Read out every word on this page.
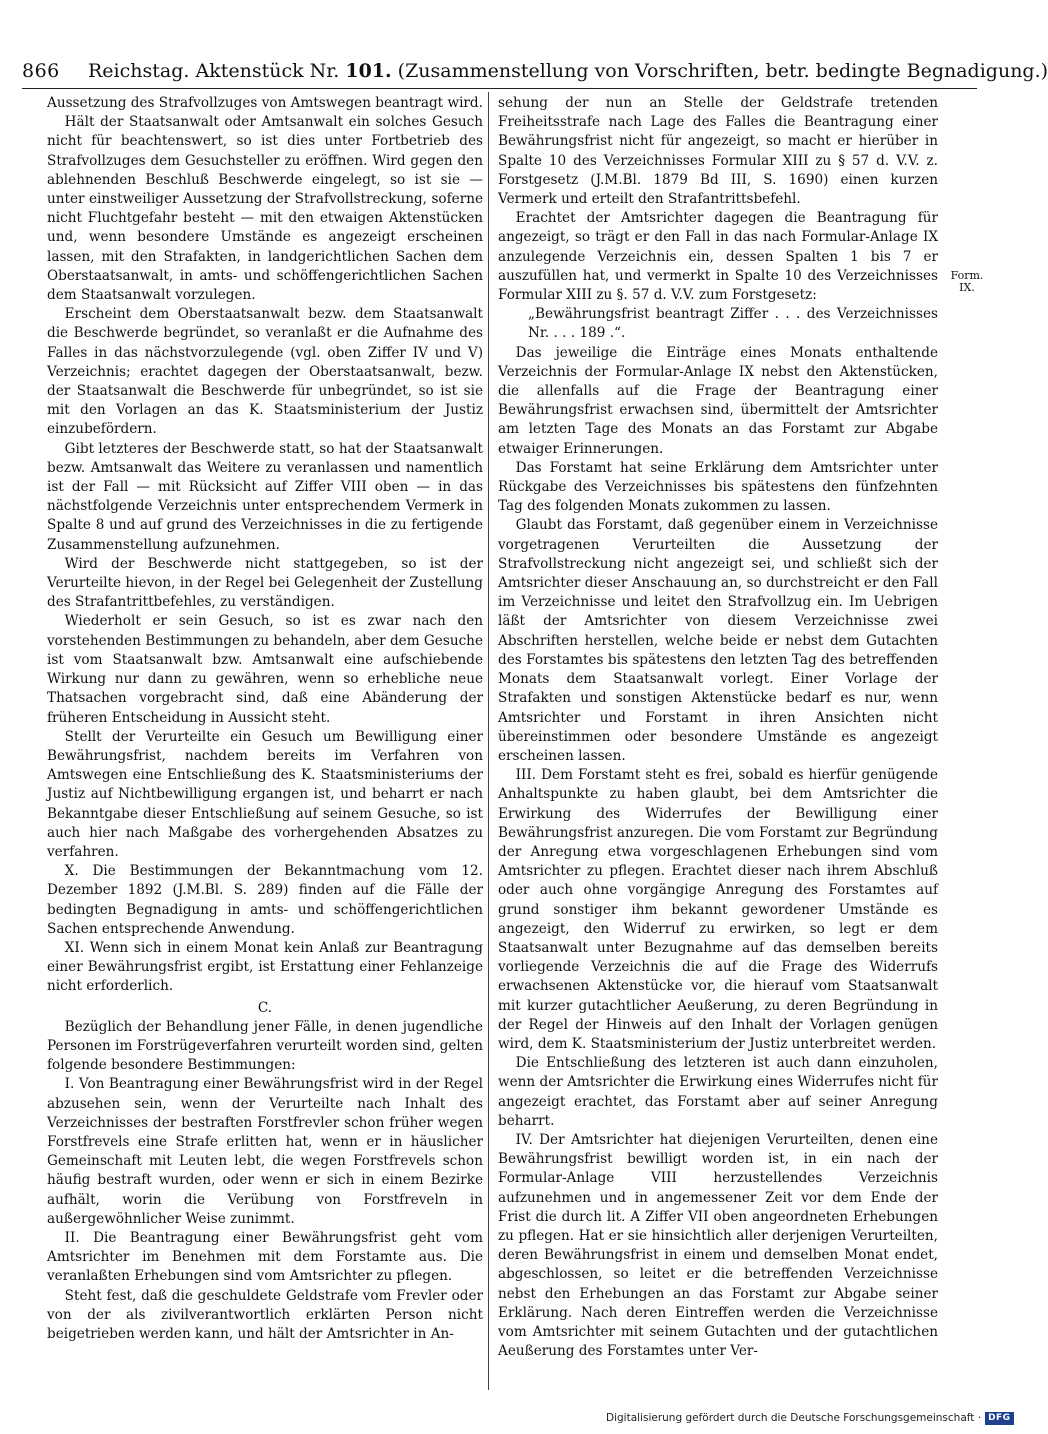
866 Reichstag. Aktenstück Nr. 101. (Zusammenstellung von Vorschriften, betr. bedingte Begnadigung.)

Aussetzung des Strafvollzuges von Amtswegen beantragt wird.

Hält der Staatsanwalt oder Amtsanwalt ein solches Gesuch nicht für beachtenswert, so ist dies unter Fortbetrieb des Strafvollzuges dem Gesuchsteller zu eröffnen. Wird gegen den ablehnenden Beschluß Beschwerde eingelegt, so ist sie — unter einstweiliger Aussetzung der Strafvollstreckung, soferne nicht Fluchtgefahr besteht — mit den etwaigen Aktenstücken und, wenn besondere Umstände es angezeigt erscheinen lassen, mit den Strafakten, in landgerichtlichen Sachen dem Oberstaatsanwalt, in amts- und schöffengerichtlichen Sachen dem Staatsanwalt vorzulegen.

Erscheint dem Oberstaatsanwalt bezw. dem Staatsanwalt die Beschwerde begründet, so veranlaßt er die Aufnahme des Falles in das nächstvorzulegende (vgl. oben Ziffer IV und V) Verzeichnis; erachtet dagegen der Oberstaatsanwalt, bezw. der Staatsanwalt die Beschwerde für unbegründet, so ist sie mit den Vorlagen an das K. Staatsministerium der Justiz einzubefördern.

Gibt letzteres der Beschwerde statt, so hat der Staatsanwalt bezw. Amtsanwalt das Weitere zu veranlassen und namentlich ist der Fall — mit Rücksicht auf Ziffer VIII oben — in das nächstfolgende Verzeichnis unter entsprechendem Vermerk in Spalte 8 und auf grund des Verzeichnisses in die zu fertigende Zusammenstellung aufzunehmen.

Wird der Beschwerde nicht stattgegeben, so ist der Verurteilte hievon, in der Regel bei Gelegenheit der Zustellung des Strafantrittbefehles, zu verständigen.

Wiederholt er sein Gesuch, so ist es zwar nach den vorstehenden Bestimmungen zu behandeln, aber dem Gesuche ist vom Staatsanwalt bzw. Amtsanwalt eine aufschiebende Wirkung nur dann zu gewähren, wenn so erhebliche neue Thatsachen vorgebracht sind, daß eine Abänderung der früheren Entscheidung in Aussicht steht.

Stellt der Verurteilte ein Gesuch um Bewilligung einer Bewährungsfrist, nachdem bereits im Verfahren von Amtswegen eine Entschließung des K. Staatsministeriums der Justiz auf Nichtbewilligung ergangen ist, und beharrt er nach Bekanntgabe dieser Entschließung auf seinem Gesuche, so ist auch hier nach Maßgabe des vorhergehenden Absatzes zu verfahren.

X. Die Bestimmungen der Bekanntmachung vom 12. Dezember 1892 (J.M.Bl. S. 289) finden auf die Fälle der bedingten Begnadigung in amts- und schöffengerichtlichen Sachen entsprechende Anwendung.

XI. Wenn sich in einem Monat kein Anlaß zur Beantragung einer Bewährungsfrist ergibt, ist Erstattung einer Fehlanzeige nicht erforderlich.

C.

Bezüglich der Behandlung jener Fälle, in denen jugendliche Personen im Forstrügeverfahren verurteilt worden sind, gelten folgende besondere Bestimmungen:

I. Von Beantragung einer Bewährungsfrist wird in der Regel abzusehen sein, wenn der Verurteilte nach Inhalt des Verzeichnisses der bestraften Forstfrevler schon früher wegen Forstfrevels eine Strafe erlitten hat, wenn er in häuslicher Gemeinschaft mit Leuten lebt, die wegen Forstfrevels schon häufig bestraft wurden, oder wenn er sich in einem Bezirke aufhält, worin die Verübung von Forstfreveln in außergewöhnlicher Weise zunimmt.

II. Die Beantragung einer Bewährungsfrist geht vom Amtsrichter im Benehmen mit dem Forstamte aus. Die veranlaßten Erhebungen sind vom Amtsrichter zu pflegen.

Steht fest, daß die geschuldete Geldstrafe vom Frevler oder von der als zivilverantwortlich erklärten Person nicht beigetrieben werden kann, und hält der Amtsrichter in An-

sehung der nun an Stelle der Geldstrafe tretenden Freiheitsstrafe nach Lage des Falles die Beantragung einer Bewährungsfrist nicht für angezeigt, so macht er hierüber in Spalte 10 des Verzeichnisses Formular XIII zu § 57 d. V.V. z. Forstgesetz (J.M.Bl. 1879 Bd III, S. 1690) einen kurzen Vermerk und erteilt den Strafantrittsbefehl.

Erachtet der Amtsrichter dagegen die Beantragung für angezeigt, so trägt er den Fall in das nach Formular-Anlage IX anzulegende Verzeichnis ein, dessen Spalten 1 bis 7 er auszufüllen hat, und vermerkt in Spalte 10 des Verzeichnisses Formular XIII zu §. 57 d. V.V. zum Forstgesetz:

„Bewährungsfrist beantragt Ziffer . . . des Verzeichnisses Nr. . . . 189 .“.

Das jeweilige die Einträge eines Monats enthaltende Verzeichnis der Formular-Anlage IX nebst den Aktenstücken, die allenfalls auf die Frage der Beantragung einer Bewährungsfrist erwachsen sind, übermittelt der Amtsrichter am letzten Tage des Monats an das Forstamt zur Abgabe etwaiger Erinnerungen.

Das Forstamt hat seine Erklärung dem Amtsrichter unter Rückgabe des Verzeichnisses bis spätestens den fünfzehnten Tag des folgenden Monats zukommen zu lassen.

Glaubt das Forstamt, daß gegenüber einem in Verzeichnisse vorgetragenen Verurteilten die Aussetzung der Strafvollstreckung nicht angezeigt sei, und schließt sich der Amtsrichter dieser Anschauung an, so durchstreicht er den Fall im Verzeichnisse und leitet den Strafvollzug ein. Im Uebrigen läßt der Amtsrichter von diesem Verzeichnisse zwei Abschriften herstellen, welche beide er nebst dem Gutachten des Forstamtes bis spätestens den letzten Tag des betreffenden Monats dem Staatsanwalt vorlegt. Einer Vorlage der Strafakten und sonstigen Aktenstücke bedarf es nur, wenn Amtsrichter und Forstamt in ihren Ansichten nicht übereinstimmen oder besondere Umstände es angezeigt erscheinen lassen.

III. Dem Forstamt steht es frei, sobald es hierfür genügende Anhaltspunkte zu haben glaubt, bei dem Amtsrichter die Erwirkung des Widerrufes der Bewilligung einer Bewährungsfrist anzuregen. Die vom Forstamt zur Begründung der Anregung etwa vorgeschlagenen Erhebungen sind vom Amtsrichter zu pflegen. Erachtet dieser nach ihrem Abschluß oder auch ohne vorgängige Anregung des Forstamtes auf grund sonstiger ihm bekannt gewordener Umstände es angezeigt, den Widerruf zu erwirken, so legt er dem Staatsanwalt unter Bezugnahme auf das demselben bereits vorliegende Verzeichnis die auf die Frage des Widerrufs erwachsenen Aktenstücke vor, die hierauf vom Staatsanwalt mit kurzer gutachtlicher Aeußerung, zu deren Begründung in der Regel der Hinweis auf den Inhalt der Vorlagen genügen wird, dem K. Staatsministerium der Justiz unterbreitet werden.

Die Entschließung des letzteren ist auch dann einzuholen, wenn der Amtsrichter die Erwirkung eines Widerrufes nicht für angezeigt erachtet, das Forstamt aber auf seiner Anregung beharrt.

IV. Der Amtsrichter hat diejenigen Verurteilten, denen eine Bewährungsfrist bewilligt worden ist, in ein nach der Formular-Anlage VIII herzustellendes Verzeichnis aufzunehmen und in angemessener Zeit vor dem Ende der Frist die durch lit. A Ziffer VII oben angeordneten Erhebungen zu pflegen. Hat er sie hinsichtlich aller derjenigen Verurteilten, deren Bewährungsfrist in einem und demselben Monat endet, abgeschlossen, so leitet er die betreffenden Verzeichnisse nebst den Erhebungen an das Forstamt zur Abgabe seiner Erklärung. Nach deren Eintreffen werden die Verzeichnisse vom Amtsrichter mit seinem Gutachten und der gutachtlichen Aeußerung des Forstamtes unter Ver-

Form.
IX.
Digitalisierung gefördert durch die Deutsche Forschungsgemeinschaft · DFG
